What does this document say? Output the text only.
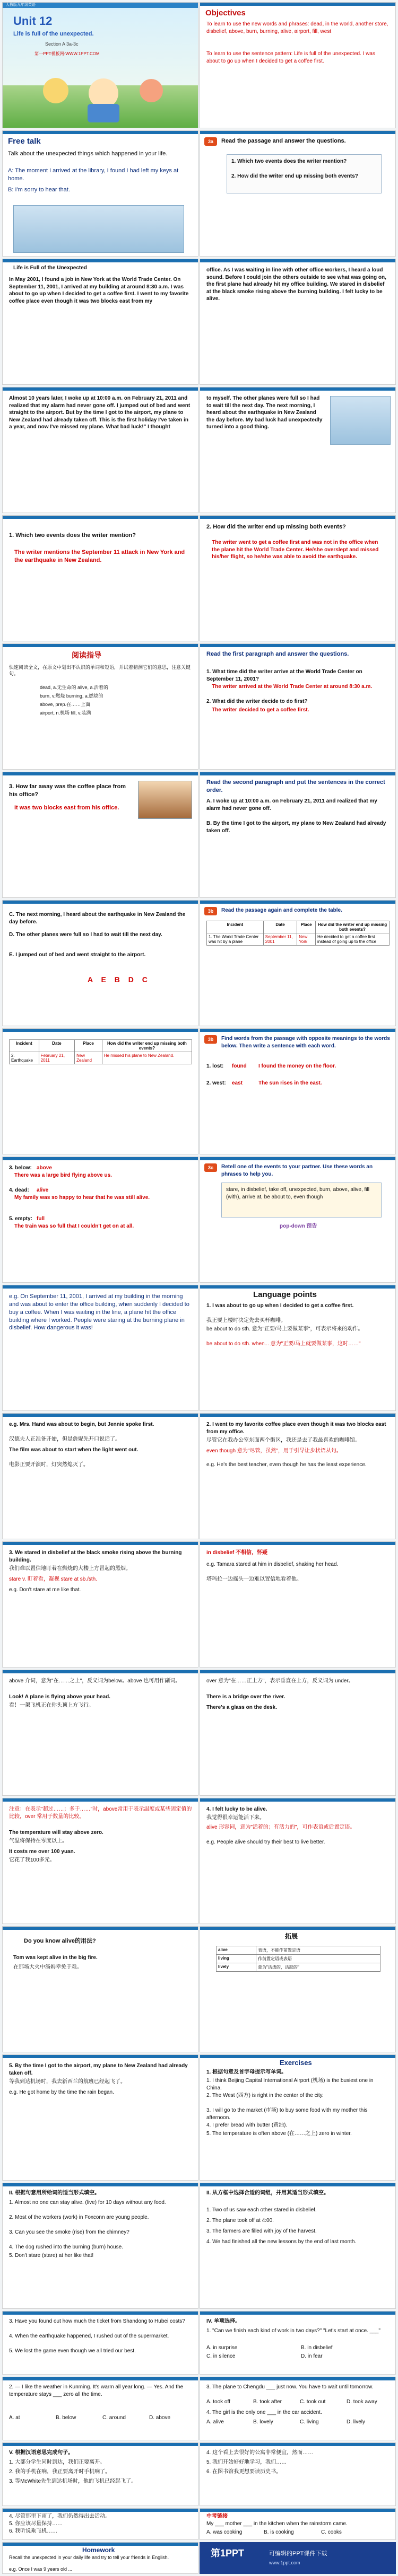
人教版九年级英语
Unit 12
Life is full of the unexpected.
Section A 3a-3c
第一PPT模板网-WWW.1PPT.COM
Objectives
To learn to use the new words and phrases: dead, in the world, another store, disbelief, above, burn, burning, alive, airport, fill, west
To learn to use the sentence pattern: Life is full of the unexpected. I was about to go up when I decided to get a coffee first.
Free talk
Talk about the unexpected things which happened in your life.
A: The moment I arrived at the library, I found I had left my keys at home.
B: I'm sorry to hear that.
3a	Read the passage and answer the questions.
1. Which two events does the writer mention?
2. How did the writer end up missing both events?
Life is Full of the Unexpected
In May 2001, I found a job in New York at the World Trade Center. On September 11, 2001, I arrived at my building at around 8:30 a.m. I was about to go up when I decided to get a coffee first. I went to my favorite coffee place even though it was two blocks east from my
office. As I was waiting in line with other office workers, I heard a loud sound. Before I could join the others outside to see what was going on, the first plane had already hit my office building. We stared in disbelief at the black smoke rising above the burning building. I felt lucky to be alive.
Almost 10 years later, I woke up at 10:00 a.m. on February 21, 2011 and realized that my alarm had never gone off. I jumped out of bed and went straight to the airport. But by the time I got to the airport, my plane to New Zealand had already taken off. This is the first holiday I've taken in a year, and now I've missed my plane. What bad luck!" I thought
to myself. The other planes were full so I had to wait till the next day. The next morning, I heard about the earthquake in New Zealand the day before. My bad luck had unexpectedly turned into a good thing.
1. Which two events does the writer mention?
The writer mentions the September 11 attack in New York and the earthquake in New Zealand.
2. How did the writer end up missing both events?
The writer went to get a coffee first and was not in the office when the plane hit the World Trade Center. He/she overslept and missed his/her flight, so he/she was able to avoid the earthquake.
阅读指导
快速阅读全文，在原文中划出不认识的单词和短语，并试着猜测它们的意思，注意关键句。
dead, a.无生命的 alive, a.活着的
burn, v.燃烧 burning, a.燃烧的
above, prep.在……上面
airport, n.机场 fill, v.装满
Read the first paragraph and answer the questions.
1. What time did the writer arrive at the World Trade Center on September 11, 2001?
The writer arrived at the World Trade Center at around 8:30 a.m.
2. What did the writer decide to do first?
The writer decided to get a coffee first.
3. How far away was the coffee place from his office?
It was two blocks east from his office.
Read the second paragraph and put the sentences in the correct order.
A. I woke up at 10:00 a.m. on February 21, 2011 and realized that my alarm had never gone off.
B. By the time I got to the airport, my plane to New Zealand had already taken off.
C. The next morning, I heard about the earthquake in New Zealand the day before.
D. The other planes were full so I had to wait till the next day.
E. I jumped out of bed and went straight to the airport.
A E B D C
3b	Read the passage again and complete the table.
Incident	Date	Place	How did the writer end up missing both events?
1. The World Trade Center was hit by a plane	September 11, 2001	New York	He decided to get a coffee first instead of going up to the office
Incident	Date	Place	How did the writer end up missing both events?
2. Earthquake	February 21, 2011	New Zealand	He missed his plane to New Zealand.
3b	Find words from the passage with opposite meanings to the words below. Then write a sentence with each word.
1. lost: found I found the money on the floor.
2. west: east	The sun rises in the east.
3. below: above
There was a large bird flying above us.
4. dead: alive
My family was so happy to hear that he was still alive.
5. empty: full
The train was so full that I couldn't get on at all.
3c	Retell one of the events to your partner. Use these words an phrases to help you.
stare, in disbelief, take off, unexpected, burn, above, alive, fill (with), arrive at, be about to, even though
pop-down 预告
e.g. On September 11, 2001, I arrived at my building in the morning and was about to enter the office building, when suddenly I decided to buy a coffee. When I was waiting in the line, a plane hit the office building where I worked. People were staring at the burning plane in disbelief. How dangerous it was!
Language points
1. I was about to go up when I decided to get a coffee first.
我正要上楼时决定先去买杯咖啡。
be about to do sth. 意为"正要/马上要做某事"，可表示将来的动作。
be about to do sth. when... 意为"正要/马上就要做某事，这时……"
e.g. Mrs. Hand was about to begin, but Jennie spoke first.
汉德夫人正准备开始，但是詹妮先开口说话了。
The film was about to start when the light went out.
电影正要开演时，灯突然熄灭了。
2. I went to my favorite coffee place even though it was two blocks east from my office.
尽管它在我办公室东面两个街区，我还是去了我最喜欢的咖啡馆。
even though 意为"尽管，虽然"，用于引导让步状语从句。
e.g. He's the best teacher, even though he has the least experience.
3. We stared in disbelief at the black smoke rising above the burning building.
我们难以置信地盯着在燃烧的大楼上方冒起的黑烟。
stare v. 盯着看，凝视 stare at sb./sth.
e.g. Don't stare at me like that.
in disbelief 不相信，怀疑
e.g. Tamara stared at him in disbelief, shaking her head.
塔玛拉一边摇头一边难以置信地看着他。
above 介词，意为"在……之上"，反义词为below。above 也可用作副词。
Look! A plane is flying above your head.
看！一架飞机正在你头顶上方飞行。
over 意为"在……正上方"，表示垂直在上方，反义词为 under。
There is a bridge over the river.
There's a glass on the desk.
注意：在表示"超过……；多于……"时，above常用于表示温度或某些固定值的比较，over 常用于数量的比较。
The temperature will stay above zero.
气温将保持在零度以上。
It costs me over 100 yuan.
它花了我100多元。
4. I felt lucky to be alive.
我觉得很幸运能活下来。
alive 形容词，意为"活着的；有活力的"，可作表语或后置定语。
e.g. People alive should try their best to live better.
Do you know alive的用法?
Tom was kept alive in the big fire.
在那场大火中汤姆幸免于难。
拓展
alive	表语，不能作前置定语
living	作前置定语或表语
lively	意为"活泼的，活跃的"
5. By the time I got to the airport, my plane to New Zealand had already taken off.
等我到达机场时，我去新西兰的航班已经起飞了。
e.g. He got home by the time the rain began.
Exercises
1. 根据句意及首字母提示写单词。
1. I think Beijing Capital International Airport (机场) is the busiest one in China.
2. The West (西方) is right in the center of the city.
3. I will go to the market (市场) to buy some food with my mother this afternoon.
4. I prefer bread with butter (黄油).
5. The temperature is often above (在……之上) zero in winter.
II. 根据句意用所给词的适当形式填空。
1. Almost no one can stay alive. (live) for 10 days without any food.
2. Most of the workers (work) in Foxconn are young people.
3. Can you see the smoke (rise) from the chimney?
4. The dog rushed into the burning (burn) house.
5. Don't stare (stare) at her like that!
II. 从方框中选择合适的词组，并用其适当形式填空。
1. Two of us saw each other stared in disbelief.
2. The plane took off at 4:00.
3. The farmers are filled with joy of the harvest.
4. We had finished all the new lessons by the end of last month.
3. Have you found out how much the ticket from Shandong to Hubei costs?
4. When the earthquake happened, I rushed out of the supermarket.
5. We lost the game even though we all tried our best.
IV. 单项选择。
1. "Can we finish each kind of work in two days?" "Let's start at once. ___"
A. in surprise	B. in disbelief
C. in silence	D. in fear
2. — I like the weather in Kunming. It's warm all year long. — Yes. And the temperature stays ___ zero all the time.
A. at	B. below	C. around	D. above
3. The plane to Chengdu ___ just now. You have to wait until tomorrow.
A. took off	B. took after	C. took out	D. took away
4. The girl is the only one ___ in the car accident.
A. alive	B. lovely	C. living	D. lively
V. 根据汉语意思完成句子。
1. 大部分学生同时到达，我们正要离开。
2. 我的手机在响，我正要离开时手机响了。
3. 等McWhite先生到达机场时，他的飞机已经起飞了。
4. 这个看上去很好的公寓非常便宜，然而……
5. 我们开始好好地学习，我们……
6. 在图书馆我更想要读历史书。
4. 尽管那里下雨了，我们仍然得出去活动。
5. 你应该尽量保持……
6. 我听说乘飞机……
中考链接
My ___ mother ___ in the kitchen when the rainstorm came.
A. was cooking	B. is cooking	C. cooks
Homework
Recall the unexpected in your daily life and try to tell your friends in English.
e.g. Once I was 9 years old ...
第1PPT	可编辑的PPT课件下载
www.1ppt.com
